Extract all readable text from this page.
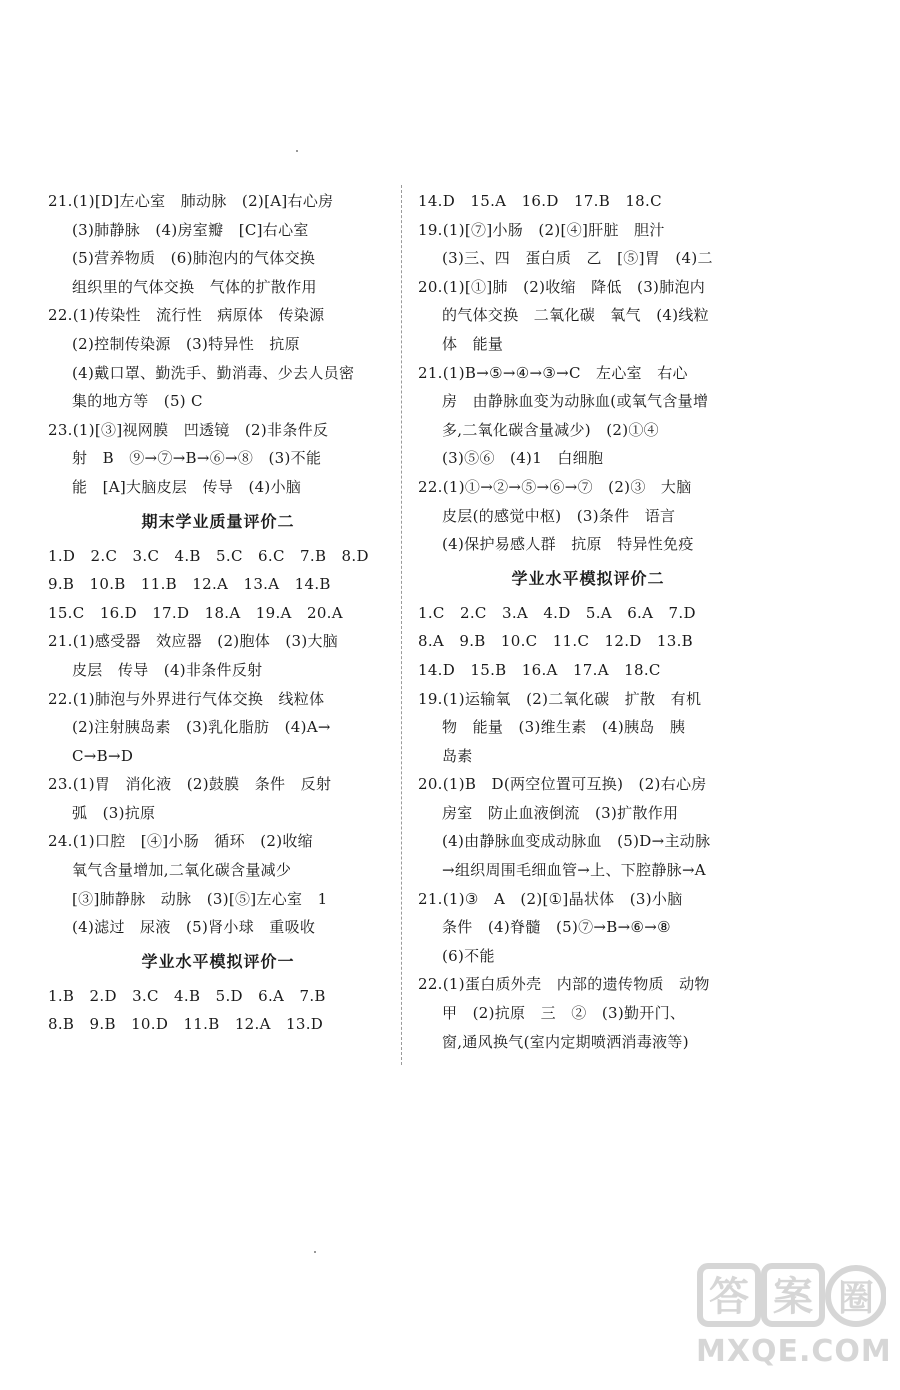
21.(1)[D]左心室　肺动脉　(2)[A]右心房
(3)肺静脉　(4)房室瓣　[C]右心室
(5)营养物质　(6)肺泡内的气体交换
组织里的气体交换　气体的扩散作用
22.(1)传染性　流行性　病原体　传染源
(2)控制传染源　(3)特异性　抗原
(4)戴口罩、勤洗手、勤消毒、少去人员密
集的地方等　(5) C
23.(1)[③]视网膜　凹透镜　(2)非条件反
射　B　⑨→⑦→B→⑥→⑧　(3)不能
能　[A]大脑皮层　传导　(4)小脑
期末学业质量评价二
1.D　2.C　3.C　4.B　5.C　6.C　7.B　8.D
9.B　10.B　11.B　12.A　13.A　14.B
15.C　16.D　17.D　18.A　19.A　20.A
21.(1)感受器　效应器　(2)胞体　(3)大脑
皮层　传导　(4)非条件反射
22.(1)肺泡与外界进行气体交换　线粒体
(2)注射胰岛素　(3)乳化脂肪　(4)A→
C→B→D
23.(1)胃　消化液　(2)鼓膜　条件　反射
弧　(3)抗原
24.(1)口腔　[④]小肠　循环　(2)收缩
氧气含量增加,二氧化碳含量减少
[③]肺静脉　动脉　(3)[⑤]左心室　1
(4)滤过　尿液　(5)肾小球　重吸收
学业水平模拟评价一
1.B　2.D　3.C　4.B　5.D　6.A　7.B
8.B　9.B　10.D　11.B　12.A　13.D
14.D　15.A　16.D　17.B　18.C
19.(1)[⑦]小肠　(2)[④]肝脏　胆汁
(3)三、四　蛋白质　乙　[⑤]胃　(4)二
20.(1)[①]肺　(2)收缩　降低　(3)肺泡内
的气体交换　二氧化碳　氧气　(4)线粒
体　能量
21.(1)B→⑤→④→③→C　左心室　右心
房　由静脉血变为动脉血(或氧气含量增
多,二氧化碳含量减少)　(2)①④
(3)⑤⑥　(4)1　白细胞
22.(1)①→②→⑤→⑥→⑦　(2)③　大脑
皮层(的感觉中枢)　(3)条件　语言
(4)保护易感人群　抗原　特异性免疫
学业水平模拟评价二
1.C　2.C　3.A　4.D　5.A　6.A　7.D
8.A　9.B　10.C　11.C　12.D　13.B
14.D　15.B　16.A　17.A　18.C
19.(1)运输氧　(2)二氧化碳　扩散　有机
物　能量　(3)维生素　(4)胰岛　胰
岛素
20.(1)B　D(两空位置可互换)　(2)右心房
房室　防止血液倒流　(3)扩散作用
(4)由静脉血变成动脉血　(5)D→主动脉
→组织周围毛细血管→上、下腔静脉→A
21.(1)③　A　(2)[①]晶状体　(3)小脑
条件　(4)脊髓　(5)⑦→B→⑥→⑧
(6)不能
22.(1)蛋白质外壳　内部的遗传物质　动物
甲　(2)抗原　三　②　(3)勤开门、
窗,通风换气(室内定期喷洒消毒液等)
答 案 圈
MXQE.COM
